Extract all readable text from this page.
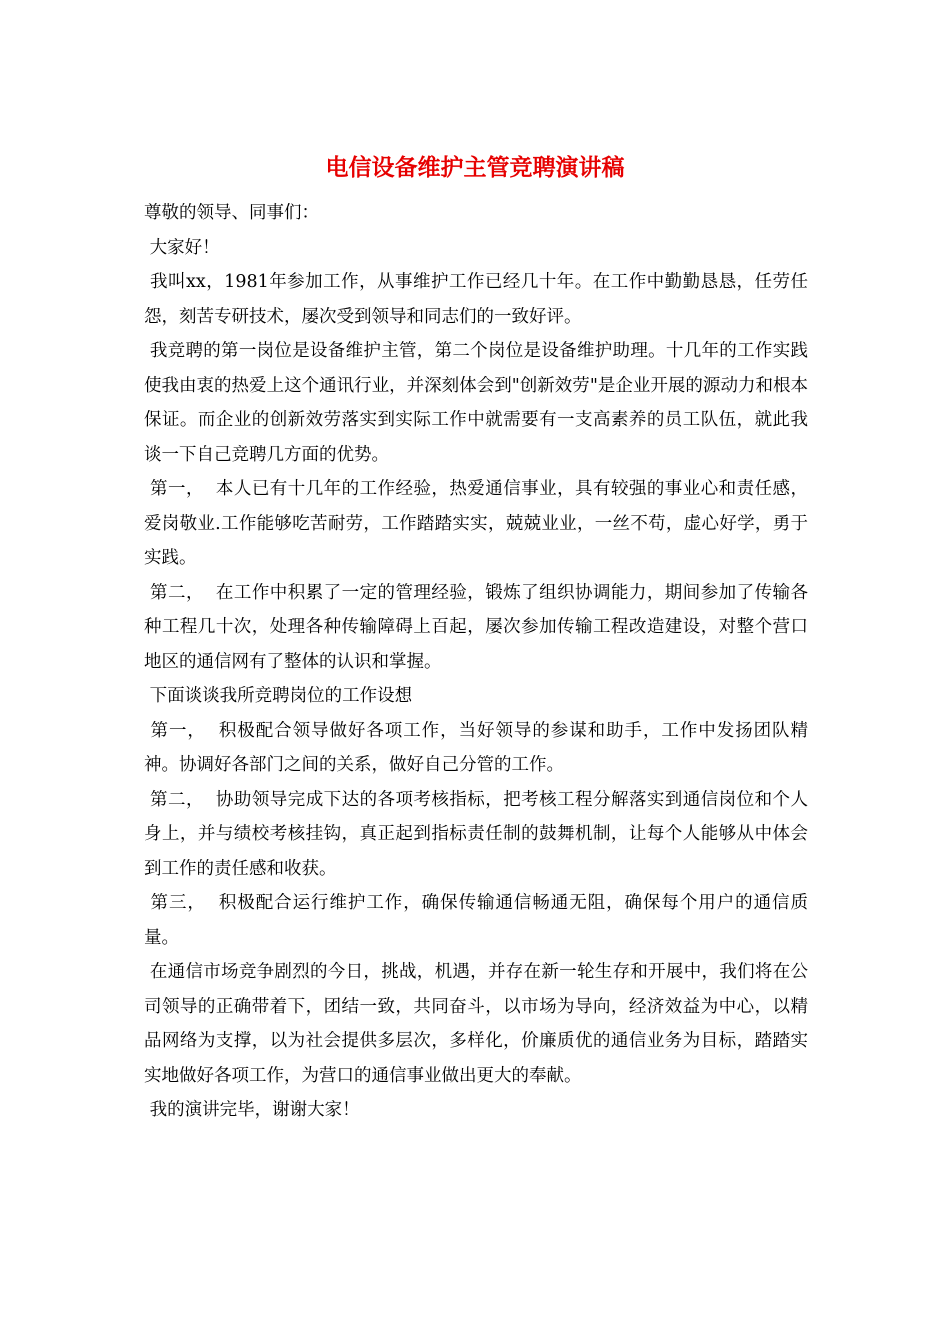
电信设备维护主管竞聘演讲稿

尊敬的领导、同事们：

大家好！

我叫xx，1981年参加工作，从事维护工作已经几十年。在工作中勤勤恳恳，任劳任怨，刻苦专研技术，屡次受到领导和同志们的一致好评。

我竞聘的第一岗位是设备维护主管，第二个岗位是设备维护助理。十几年的工作实践使我由衷的热爱上这个通讯行业，并深刻体会到"创新效劳"是企业开展的源动力和根本保证。而企业的创新效劳落实到实际工作中就需要有一支高素养的员工队伍，就此我谈一下自己竞聘几方面的优势。

第一，  本人已有十几年的工作经验，热爱通信事业，具有较强的事业心和责任感，爱岗敬业.工作能够吃苦耐劳，工作踏踏实实，兢兢业业，一丝不苟，虚心好学，勇于实践。

第二，  在工作中积累了一定的管理经验，锻炼了组织协调能力，期间参加了传输各种工程几十次，处理各种传输障碍上百起，屡次参加传输工程改造建设，对整个营口地区的通信网有了整体的认识和掌握。

下面谈谈我所竞聘岗位的工作设想

第一，  积极配合领导做好各项工作，当好领导的参谋和助手，工作中发扬团队精神。协调好各部门之间的关系，做好自己分管的工作。

第二，  协助领导完成下达的各项考核指标，把考核工程分解落实到通信岗位和个人身上，并与绩校考核挂钩，真正起到指标责任制的鼓舞机制，让每个人能够从中体会到工作的责任感和收获。

第三，  积极配合运行维护工作，确保传输通信畅通无阻，确保每个用户的通信质量。

在通信市场竞争剧烈的今日，挑战，机遇，并存在新一轮生存和开展中，我们将在公司领导的正确带着下，团结一致，共同奋斗，以市场为导向，经济效益为中心，以精品网络为支撑，以为社会提供多层次，多样化，价廉质优的通信业务为目标，踏踏实实地做好各项工作，为营口的通信事业做出更大的奉献。

我的演讲完毕，谢谢大家！
